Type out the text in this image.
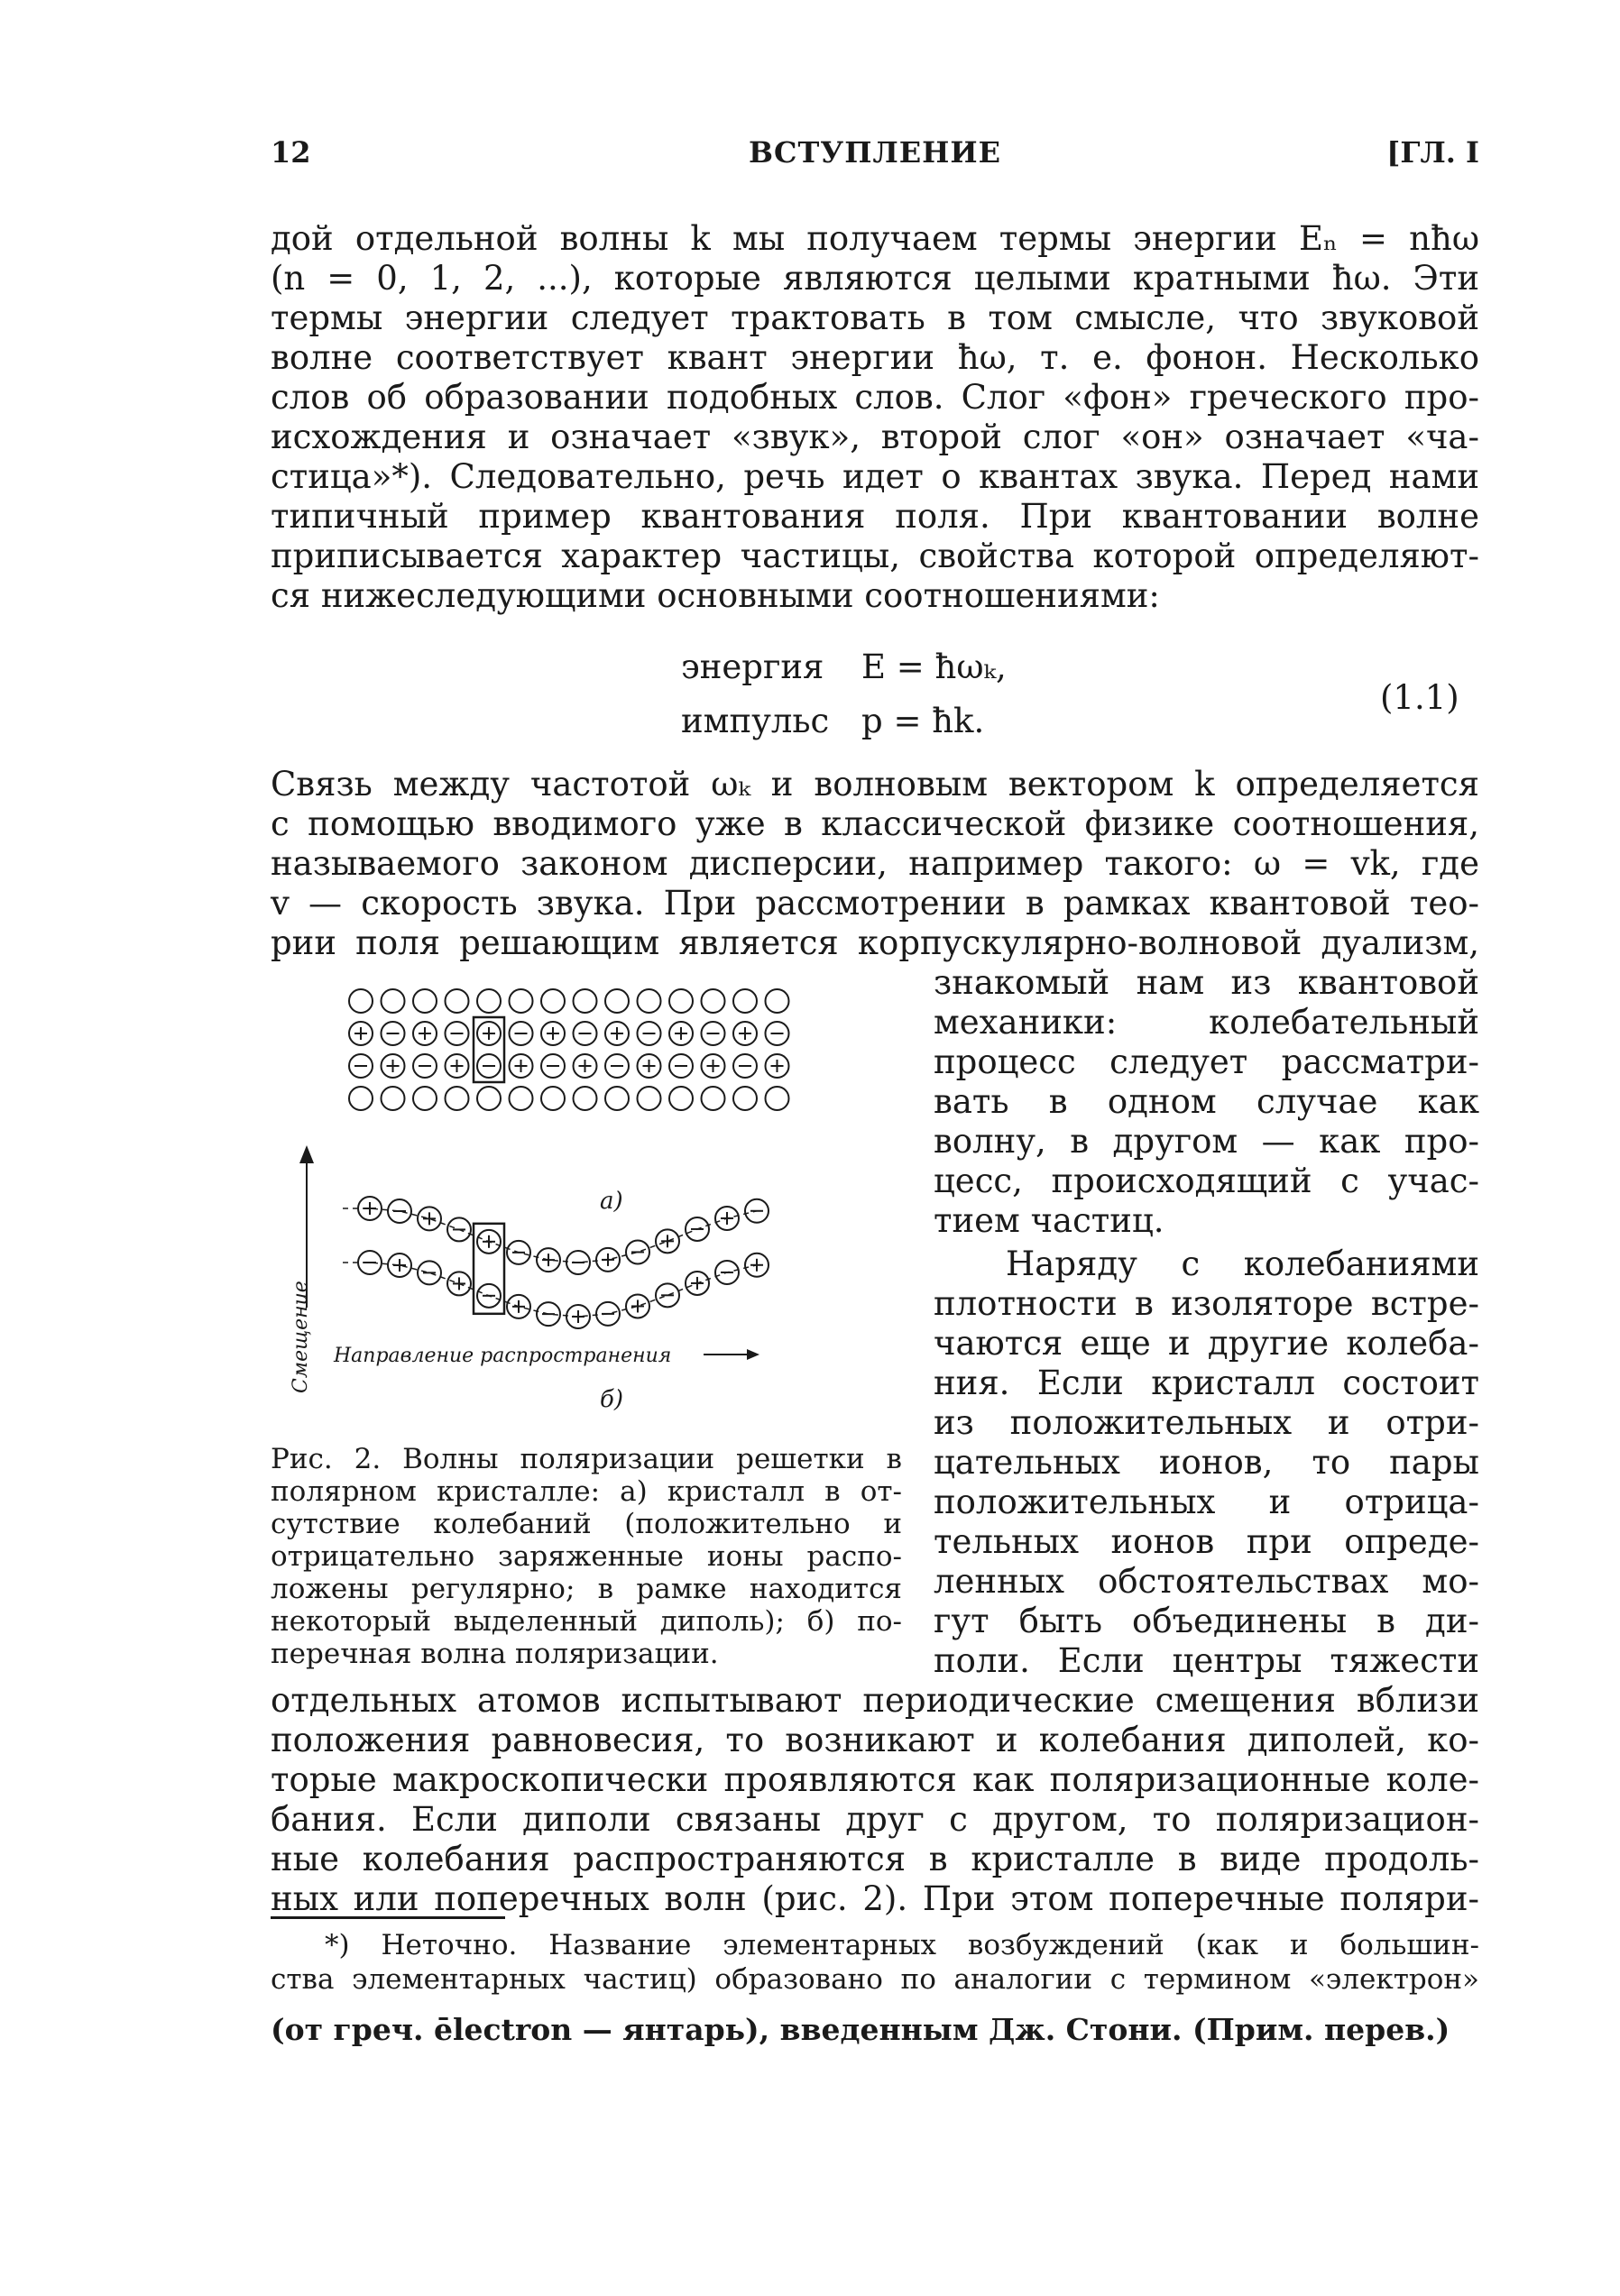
12	ВСТУПЛЕНИЕ	[ГЛ. I
дой отдельной волны k мы получаем термы энергии Eₙ = nħω
(n = 0, 1, 2, ...), которые являются целыми кратными ħω. Эти
термы энергии следует трактовать в том смысле, что звуковой
волне соответствует квант энергии ħω, т. е. фонон. Несколько
слов об образовании подобных слов. Слог «фон» греческого про-
исхождения и означает «звук», второй слог «он» означает «ча-
стица»*). Следовательно, речь идет о квантах звука. Перед нами
типичный пример квантования поля. При квантовании волне
приписывается характер частицы, свойства которой определяют-
ся нижеследующими основными соотношениями:
энергия E = ħωₖ,
импульс p = ħk.
(1.1)
Связь между частотой ωₖ и волновым вектором k определяется
с помощью вводимого уже в классической физике соотношения,
называемого законом дисперсии, например такого: ω = vk, где
v — скорость звука. При рассмотрении в рамках квантовой тео-
рии поля решающим является корпускулярно-волновой дуализм,
знакомый нам из квантовой
механики: колебательный
процесс следует рассматри-
вать в одном случае как
волну, в другом — как про-
цесс, происходящий с учас-
тием частиц.
Наряду с колебаниями
плотности в изоляторе встре-
чаются еще и другие колеба-
ния. Если кристалл состоит
из положительных и отри-
цательных ионов, то пары
положительных и отрица-
тельных ионов при опреде-
ленных обстоятельствах мо-
гут быть объединены в ди-
поли. Если центры тяжести
отдельных атомов испытывают периодические смещения вблизи
положения равновесия, то возникают и колебания диполей, ко-
торые макроскопически проявляются как поляризационные коле-
бания. Если диполи связаны друг с другом, то поляризацион-
ные колебания распространяются в кристалле в виде продоль-
ных или поперечных волн (рис. 2). При этом поперечные поляри-
а)
Смещение Направление распространения
б)
Рис. 2. Волны поляризации решетки в
полярном кристалле: а) кристалл в от-
сутствие колебаний (положительно и
отрицательно заряженные ионы распо-
ложены регулярно; в рамке находится
некоторый выделенный диполь); б) по-
перечная волна поляризации.
*) Неточно. Название элементарных возбуждений (как и большин-
ства элементарных частиц) образовано по аналогии с термином «электрон»
(от греч. ēlectron — янтарь), введенным Дж. Стони. (Прим. перев.)
